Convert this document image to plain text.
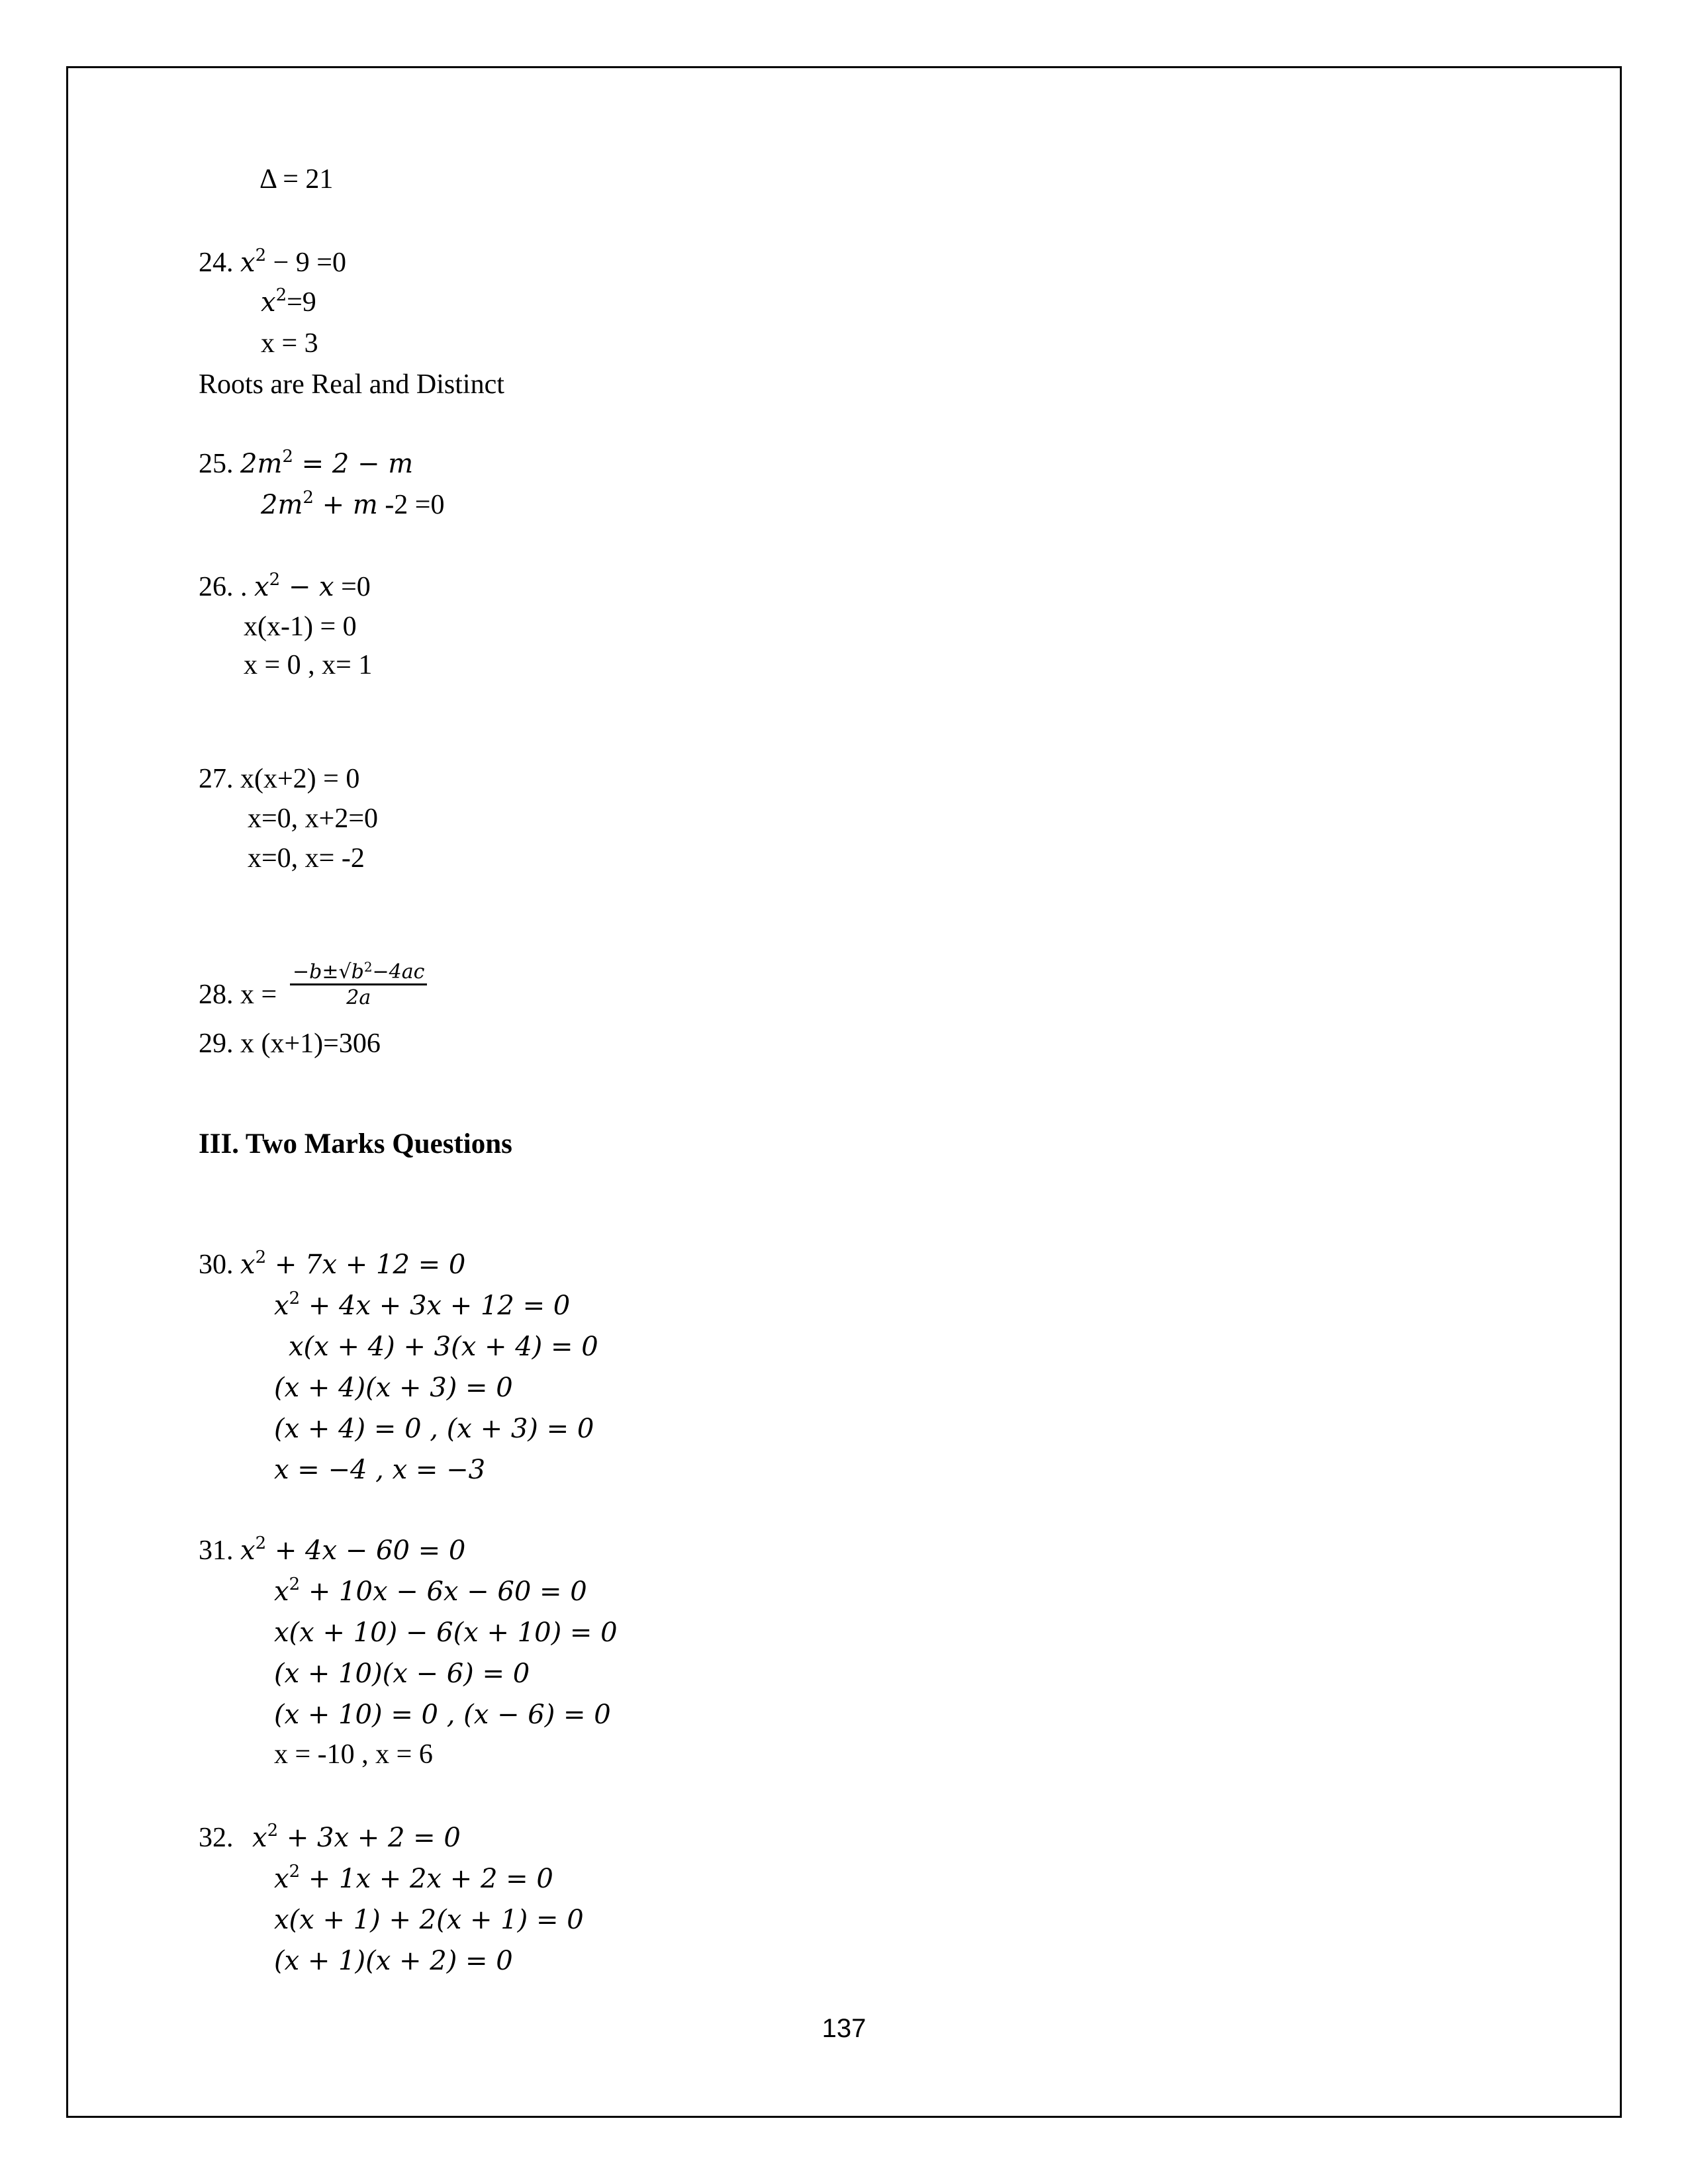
Δ = 21
24. $x^2 - 9 =0$
$x^2=9$
x = 3
Roots are Real and Distinct
25. $2m^2 = 2 - m$
$2m^2 + m$ -2 =0
26. . $x^2 - x =0$
x(x-1) = 0
x = 0 , x= 1
27. x(x+2) = 0
x=0, x+2=0
x=0, x= -2
28. $x = \frac{-b\pm√b^2-4ac}{2a}$
29. x (x+1)=306
III. Two Marks Questions
30. $x^2 + 7x + 12 = 0$
$x^2 + 4x + 3x + 12 = 0$
x(x + 4) + 3(x + 4) = 0
(x + 4)(x + 3) = 0
(x + 4) = 0 , (x + 3) = 0
x = −4 , x = −3
31. $x^2 + 4x - 60 = 0$
$x^2 + 10x - 6x - 60 = 0$
x(x + 10) − 6(x + 10) = 0
(x + 10)(x − 6) = 0
(x + 10) = 0 , (x − 6) = 0
x = -10 , x = 6
32. $x^2 + 3x + 2 = 0$
$x^2 + 1x + 2x + 2 = 0$
x(x + 1) + 2(x + 1) = 0
(x + 1)(x + 2) = 0
137
